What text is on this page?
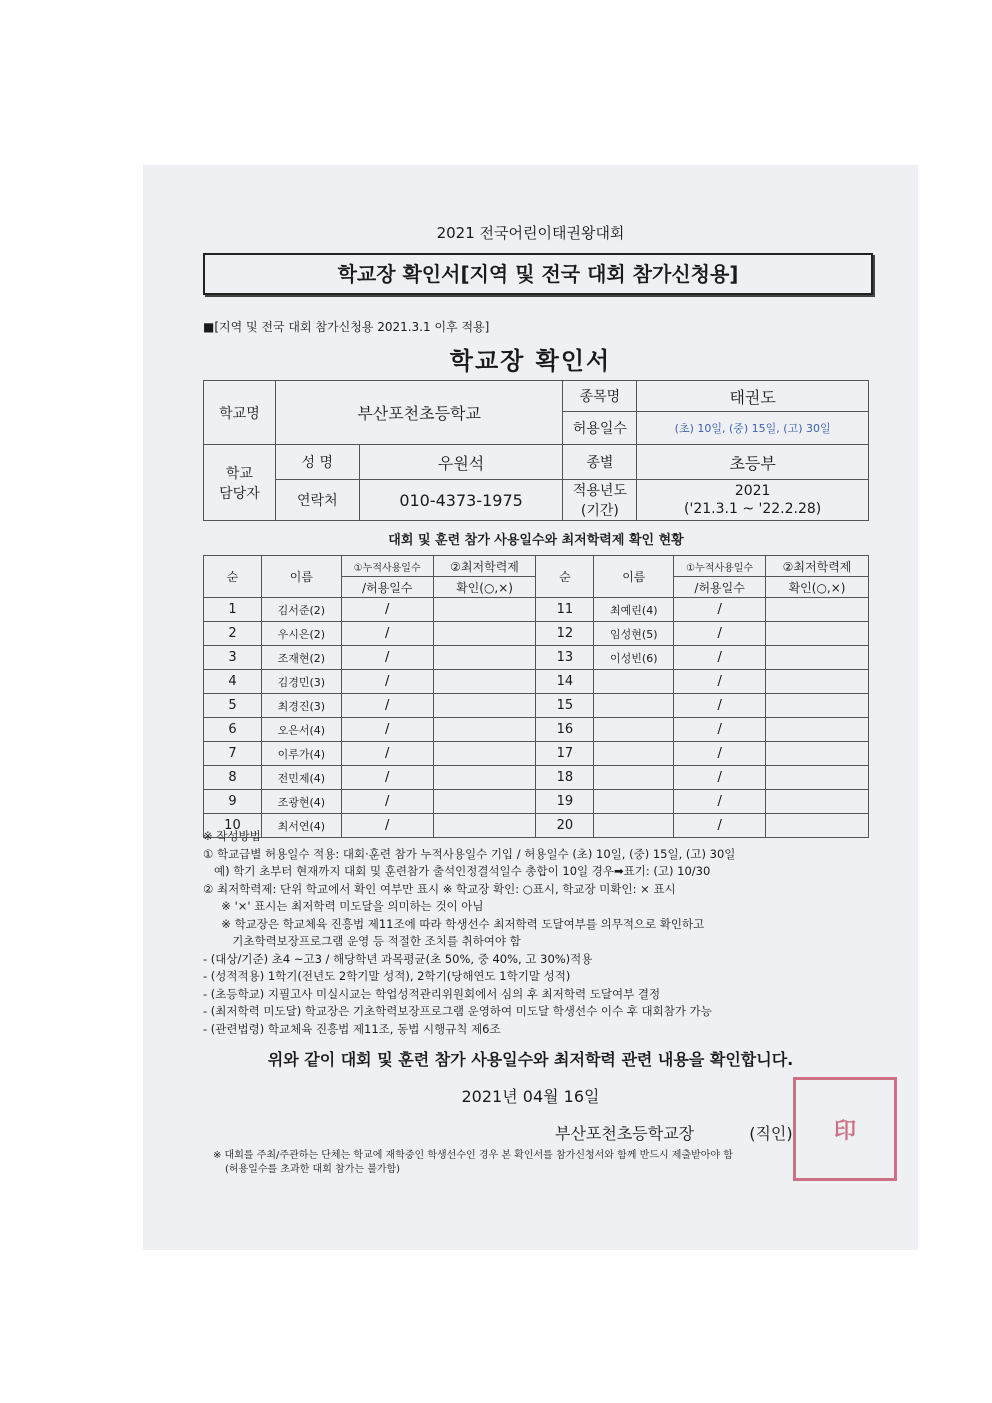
2021 전국어린이태권왕대회
학교장 확인서[지역 및 전국 대회 참가신청용]
■[지역 및 전국 대회 참가신청용 2021.3.1 이후 적용]
학교장 확인서
학교명	부산포천초등학교		종목명	태권도
			허용일수	(초) 10일, (중) 15일, (고) 30일
학교
담당자	성 명	우원석	종별	초등부
	연락처	010-4373-1975	적용년도
(기간)	2021
('21.3.1 ~ '22.2.28)
대회 및 훈련 참가 사용일수와 최저학력제 확인 현황
순	이름	①누적사용일수	②최저학력제	순	이름	①누적사용일수	②최저학력제
		/허용일수	확인(○,×)			/허용일수	확인(○,×)
1	김서준(2)	/		11	최예린(4)	/	
2	우시은(2)	/		12	임성현(5)	/	
3	조재현(2)	/		13	이성빈(6)	/	
4	김경민(3)	/		14		/	
5	최경진(3)	/		15		/	
6	오은서(4)	/		16		/	
7	이루가(4)	/		17		/	
8	전민제(4)	/		18		/	
9	조광현(4)	/		19		/	
10	최서연(4)	/		20		/	
※ 작성방법
① 학교급별 허용일수 적용: 대회·훈련 참가 누적사용일수 기입 / 허용일수 (초) 10일, (중) 15일, (고) 30일
예) 학기 초부터 현재까지 대회 및 훈련참가 출석인정결석일수 총합이 10일 경우➡표기: (고) 10/30
② 최저학력제: 단위 학교에서 확인 여부만 표시 ※ 학교장 확인: ○표시, 학교장 미확인: × 표시
※ '×' 표시는 최저학력 미도달을 의미하는 것이 아님
※ 학교장은 학교체육 진흥법 제11조에 따라 학생선수 최저학력 도달여부를 의무적으로 확인하고
기초학력보장프로그램 운영 등 적절한 조치를 취하여야 함
- (대상/기준) 초4 ~고3 / 해당학년 과목평균(초 50%, 중 40%, 고 30%)적용
- (성적적용) 1학기(전년도 2학기말 성적), 2학기(당해연도 1학기말 성적)
- (초등학교) 지필고사 미실시교는 학업성적관리위원회에서 심의 후 최저학력 도달여부 결정
- (최저학력 미도달) 학교장은 기초학력보장프로그램 운영하여 미도달 학생선수 이수 후 대회참가 가능
- (관련법령) 학교체육 진흥법 제11조, 동법 시행규칙 제6조
위와 같이 대회 및 훈련 참가 사용일수와 최저학력 관련 내용을 확인합니다.
2021년 04월 16일
부산포천초등학교장	(직인)	印
※ 대회를 주최/주관하는 단체는 학교에 재학중인 학생선수인 경우 본 확인서를 참가신청서와 함께 반드시 제출받아야 함
(허용일수를 초과한 대회 참가는 불가함)
